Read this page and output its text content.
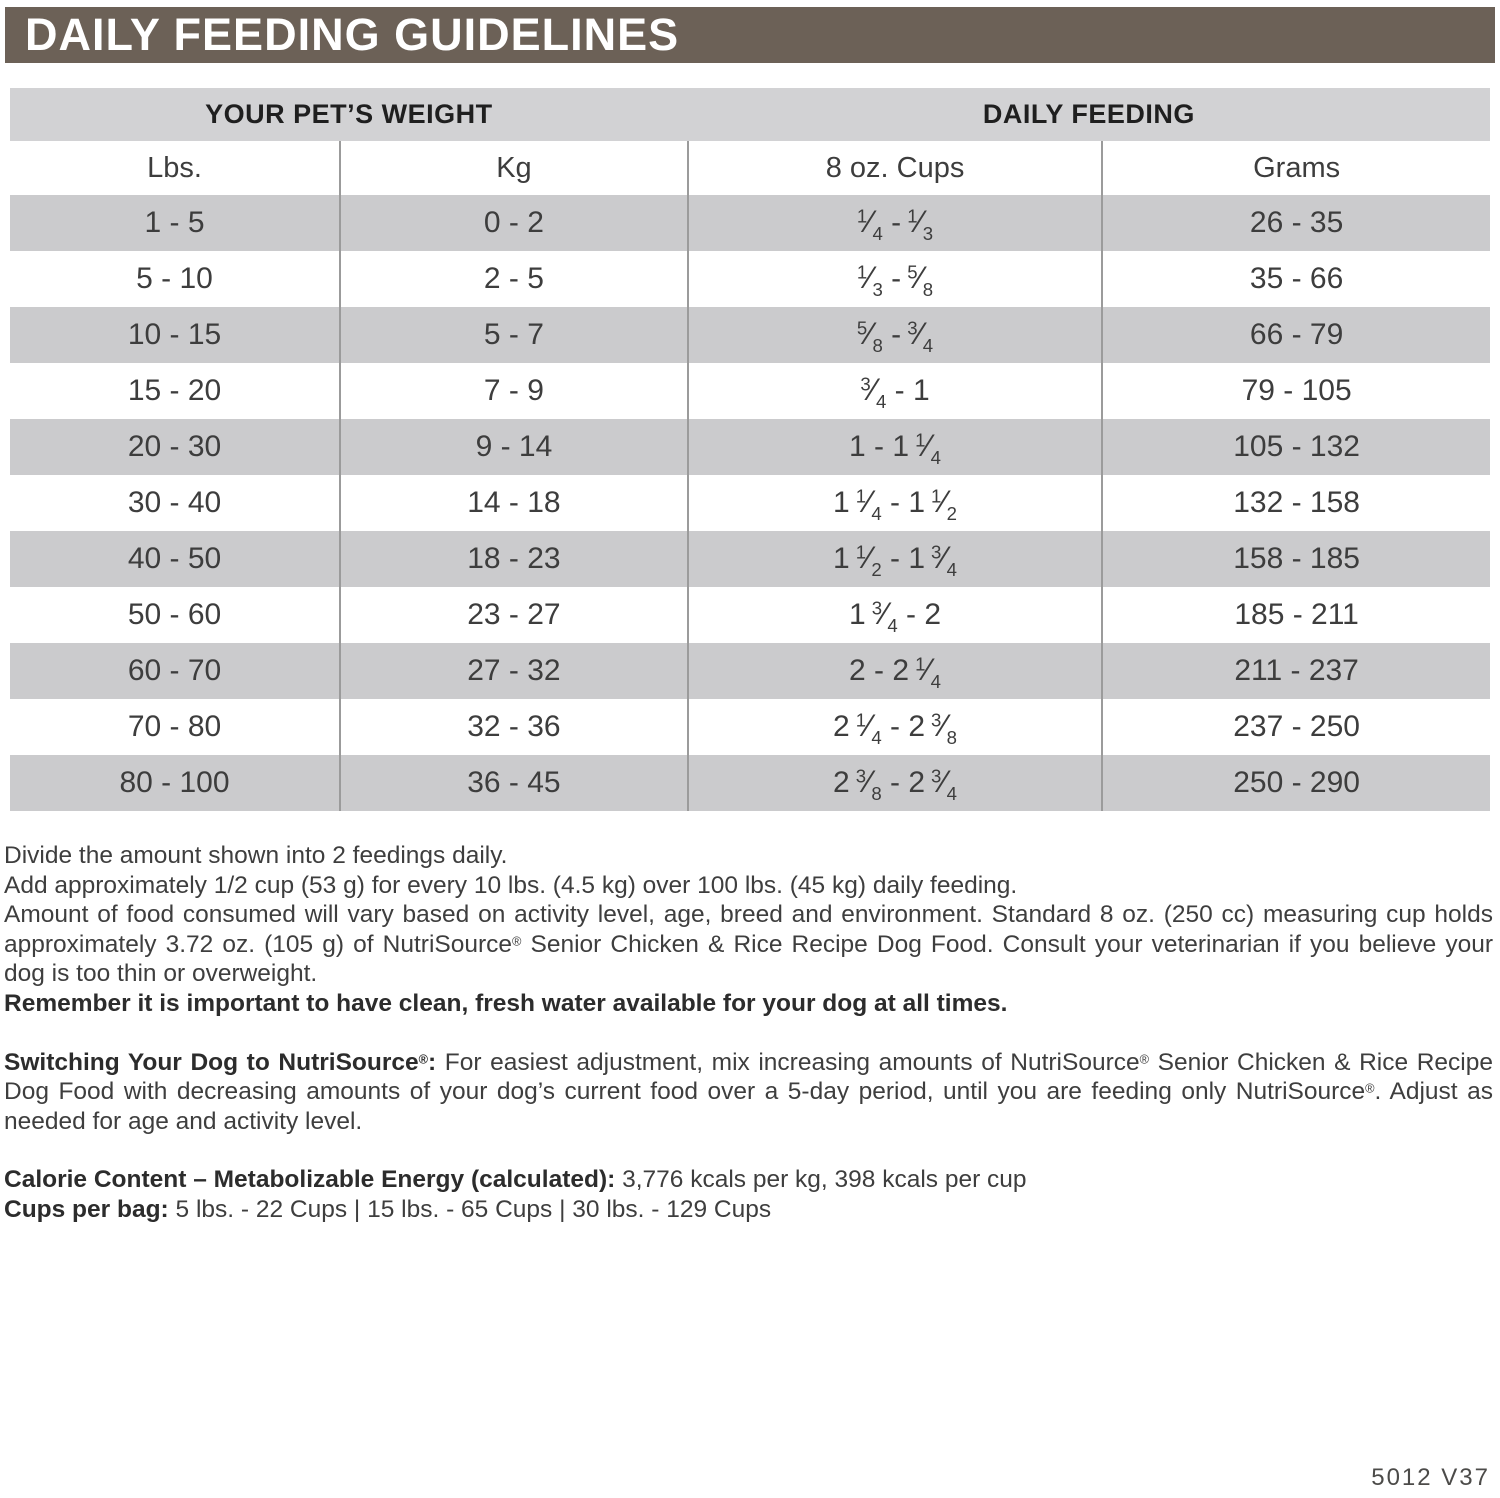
DAILY FEEDING GUIDELINES
YOUR PET’S WEIGHT		DAILY FEEDING	
Lbs.	Kg	8 oz. Cups	Grams
1 - 5	0 - 2	$^1⁄_4$ - $^1⁄_3$	26 - 35
5 - 10	2 - 5	$^1⁄_3$ - $^5⁄_8$	35 - 66
10 - 15	5 - 7	$^5⁄_8$ - $^3⁄_4$	66 - 79
15 - 20	7 - 9	$^3⁄_4 - 1$	79 - 105
20 - 30	9 - 14	1 - 1 $^1⁄_4$	105 - 132
30 - 40	14 - 18	1 $^1⁄_4 - 1$ $^1⁄_2$	132 - 158
40 - 50	18 - 23	1 $^1⁄_2 - 1$ $^3⁄_4$	158 - 185
50 - 60	23 - 27	1 $^3⁄_4 - 2$	185 - 211
60 - 70	27 - 32	2 - 2 $^1⁄_4$	211 - 237
70 - 80	32 - 36	2 $^1⁄_4 - 2$ $^3⁄_8$	237 - 250
80 - 100	36 - 45	2 $^3⁄_8 - 2$ $^3⁄_4$	250 - 290

Divide the amount shown into 2 feedings daily.

Add approximately 1/2 cup (53 g) for every 10 lbs. (4.5 kg) over 100 lbs. (45 kg) daily feeding.

Amount of food consumed will vary based on activity level, age, breed and environment. Standard 8 oz. (250 cc) measuring cup holds approximately 3.72 oz. (105 g) of NutriSource® Senior Chicken & Rice Recipe Dog Food. Consult your veterinarian if you believe your dog is too thin or overweight.

Remember it is important to have clean, fresh water available for your dog at all times.

Switching Your Dog to NutriSource®: For easiest adjustment, mix increasing amounts of NutriSource® Senior Chicken & Rice Recipe Dog Food with decreasing amounts of your dog’s current food over a 5-day period, until you are feeding only NutriSource®. Adjust as needed for age and activity level.

Calorie Content – Metabolizable Energy (calculated): 3,776 kcals per kg, 398 kcals per cup

Cups per bag: 5 lbs. - 22 Cups | 15 lbs. - 65 Cups | 30 lbs. - 129 Cups

5012 V37
